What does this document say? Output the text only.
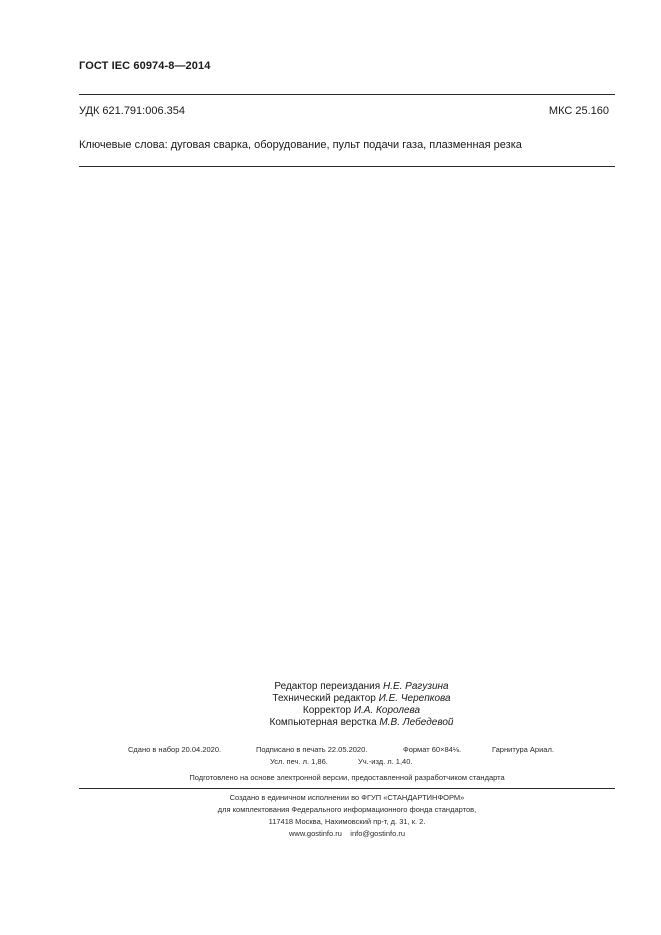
ГОСТ IEC 60974-8—2014
УДК 621.791:006.354	МКС 25.160
Ключевые слова: дуговая сварка, оборудование, пульт подачи газа, плазменная резка
Редактор переиздания Н.Е. Рагузина
Технический редактор И.Е. Черепкова
Корректор И.А. Королева
Компьютерная верстка М.В. Лебедевой
Сдано в набор 20.04.2020.	Подписано в печать 22.05.2020.	Формат 60×84⅛.	Гарнитура Ариал.
Усл. печ. л. 1,86.	Уч.-изд. л. 1,40.
Подготовлено на основе электронной версии, предоставленной разработчиком стандарта
Создано в единичном исполнении во ФГУП «СТАНДАРТИНФОРМ»
для комплектования Федерального информационного фонда стандартов,
117418 Москва, Нахимовский пр-т, д. 31, к. 2.
www.gostinfo.ru info@gostinfo.ru
